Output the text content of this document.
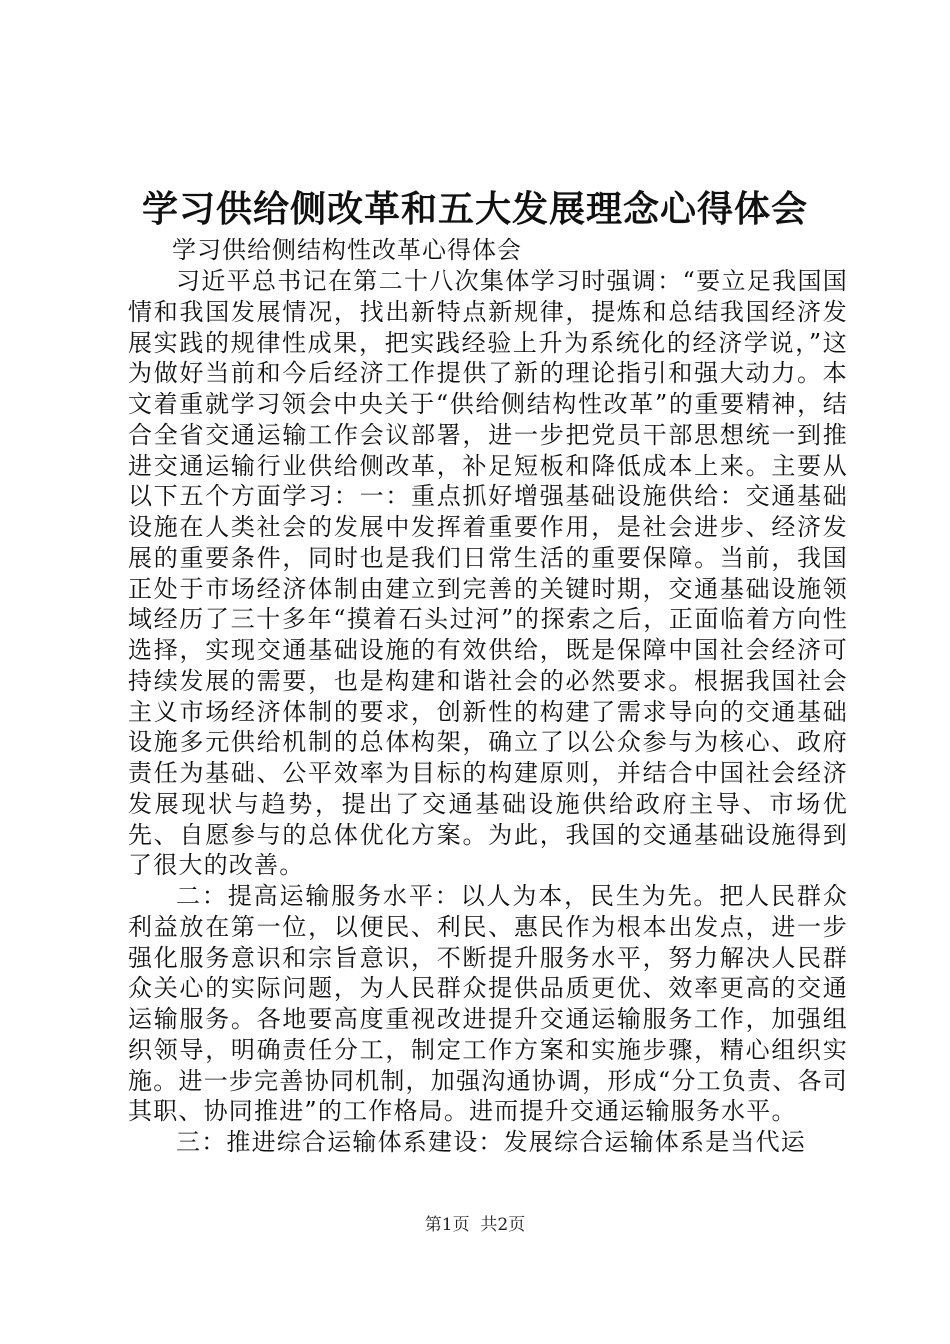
学习供给侧改革和五大发展理念心得体会

学习供给侧结构性改革心得体会

习近平总书记在第二十八次集体学习时强调：“要立足我国国情和我国发展情况，找出新特点新规律，提炼和总结我国经济发展实践的规律性成果，把实践经验上升为系统化的经济学说，”这为做好当前和今后经济工作提供了新的理论指引和强大动力。本文着重就学习领会中央关于“供给侧结构性改革”的重要精神，结合全省交通运输工作会议部署，进一步把党员干部思想统一到推进交通运输行业供给侧改革，补足短板和降低成本上来。主要从以下五个方面学习：一：重点抓好增强基础设施供给：交通基础设施在人类社会的发展中发挥着重要作用，是社会进步、经济发展的重要条件，同时也是我们日常生活的重要保障。当前，我国正处于市场经济体制由建立到完善的关键时期，交通基础设施领域经历了三十多年“摸着石头过河”的探索之后，正面临着方向性选择，实现交通基础设施的有效供给，既是保障中国社会经济可持续发展的需要，也是构建和谐社会的必然要求。根据我国社会主义市场经济体制的要求，创新性的构建了需求导向的交通基础设施多元供给机制的总体构架，确立了以公众参与为核心、政府责任为基础、公平效率为目标的构建原则，并结合中国社会经济发展现状与趋势，提出了交通基础设施供给政府主导、市场优先、自愿参与的总体优化方案。为此，我国的交通基础设施得到了很大的改善。

二：提高运输服务水平：以人为本，民生为先。把人民群众利益放在第一位，以便民、利民、惠民作为根本出发点，进一步强化服务意识和宗旨意识，不断提升服务水平，努力解决人民群众关心的实际问题，为人民群众提供品质更优、效率更高的交通运输服务。各地要高度重视改进提升交通运输服务工作，加强组织领导，明确责任分工，制定工作方案和实施步骤，精心组织实施。进一步完善协同机制，加强沟通协调，形成“分工负责、各司其职、协同推进”的工作格局。进而提升交通运输服务水平。

三：推进综合运输体系建设：发展综合运输体系是当代运

第1页 共2页
